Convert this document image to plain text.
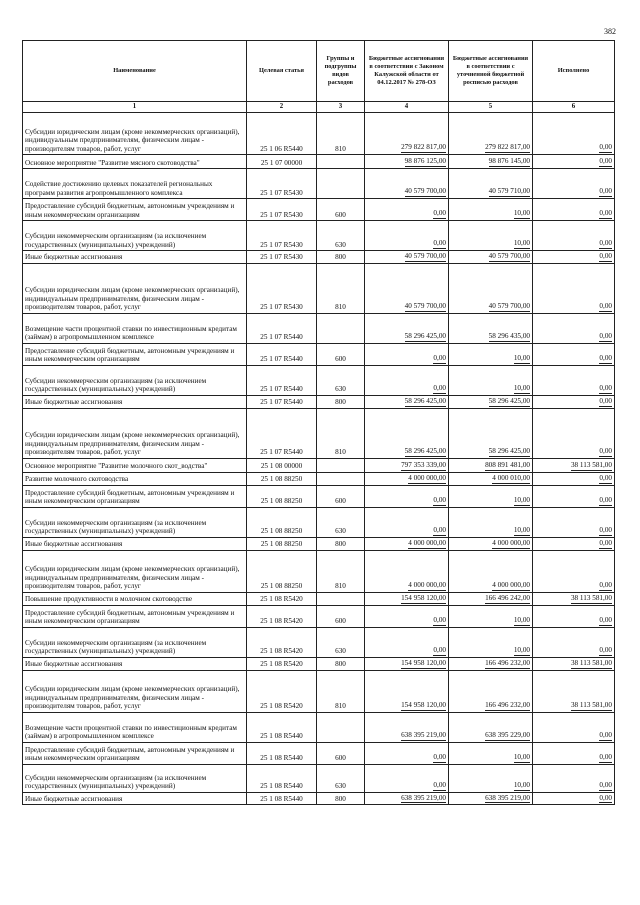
382
Наименование	Целевая статья	Группы и подгруппы видов расходов	Бюджетные ассигнования в соответствии с Законом Калужской области от 04.12.2017 № 278-ОЗ	Бюджетные ассигнования в соответствии с уточненной бюджетной росписью расходов	Исполнено
1	2	3	4	5	6
Субсидии юридическим лицам (кроме некоммерческих организаций), индивидуальным предпринимателям, физическим лицам - производителям товаров, работ, услуг	25 1 06 R5440	810	279 822 817,00	279 822 817,00	0,00
Основное мероприятие "Развитие мясного скотоводства"	25 1 07 00000		98 876 125,00	98 876 145,00	0,00
Содействие достижению целевых показателей региональных программ развития агропромышленного комплекса	25 1 07 R5430		40 579 700,00	40 579 710,00	0,00
Предоставление субсидий бюджетным, автономным учреждениям и иным некоммерческим организациям	25 1 07 R5430	600	0,00	10,00	0,00
Субсидии некоммерческим организациям (за исключением государственных (муниципальных) учреждений)	25 1 07 R5430	630	0,00	10,00	0,00
Иные бюджетные ассигнования	25 1 07 R5430	800	40 579 700,00	40 579 700,00	0,00
Субсидии юридическим лицам (кроме некоммерческих организаций), индивидуальным предпринимателям, физическим лицам - производителям товаров, работ, услуг	25 1 07 R5430	810	40 579 700,00	40 579 700,00	0,00
Возмещение части процентной ставки по инвестиционным кредитам (займам) в агропромышленном комплексе	25 1 07 R5440		58 296 425,00	58 296 435,00	0,00
Предоставление субсидий бюджетным, автономным учреждениям и иным некоммерческим организациям	25 1 07 R5440	600	0,00	10,00	0,00
Субсидии некоммерческим организациям (за исключением государственных (муниципальных) учреждений)	25 1 07 R5440	630	0,00	10,00	0,00
Иные бюджетные ассигнования	25 1 07 R5440	800	58 296 425,00	58 296 425,00	0,00
Субсидии юридическим лицам (кроме некоммерческих организаций), индивидуальным предпринимателям, физическим лицам - производителям товаров, работ, услуг	25 1 07 R5440	810	58 296 425,00	58 296 425,00	0,00
Основное мероприятие "Развитие молочного скот_водства"	25 1 08 00000		797 353 339,00	808 891 481,00	38 113 581,00
Развитие молочного скотоводства	25 1 08 88250		4 000 000,00	4 000 010,00	0,00
Предоставление субсидий бюджетным, автономным учреждениям и иным некоммерческим организациям	25 1 08 88250	600	0,00	10,00	0,00
Субсидии некоммерческим организациям (за исключением государственных (муниципальных) учреждений)	25 1 08 88250	630	0,00	10,00	0,00
Иные бюджетные ассигнования	25 1 08 88250	800	4 000 000,00	4 000 000,00	0,00
Субсидии юридическим лицам (кроме некоммерческих организаций), индивидуальным предпринимателям, физическим лицам - производителям товаров, работ, услуг	25 1 08 88250	810	4 000 000,00	4 000 000,00	0,00
Повышение продуктивности в молочном скотоводстве	25 1 08 R5420		154 958 120,00	166 496 242,00	38 113 581,00
Предоставление субсидий бюджетным, автономным учреждениям и иным некоммерческим организациям	25 1 08 R5420	600	0,00	10,00	0,00
Субсидии некоммерческим организациям (за исключением государственных (муниципальных) учреждений)	25 1 08 R5420	630	0,00	10,00	0,00
Иные бюджетные ассигнования	25 1 08 R5420	800	154 958 120,00	166 496 232,00	38 113 581,00
Субсидии юридическим лицам (кроме некоммерческих организаций), индивидуальным предпринимателям, физическим лицам - производителям товаров, работ, услуг	25 1 08 R5420	810	154 958 120,00	166 496 232,00	38 113 581,00
Возмещение части процентной ставки по инвестиционным кредитам (займам) в агропромышленном комплексе	25 1 08 R5440		638 395 219,00	638 395 229,00	0,00
Предоставление субсидий бюджетным, автономным учреждениям и иным некоммерческим организациям	25 1 08 R5440	600	0,00	10,00	0,00
Субсидии некоммерческим организациям (за исключением государственных (муниципальных) учреждений)	25 1 08 R5440	630	0,00	10,00	0,00
Иные бюджетные ассигнования	25 1 08 R5440	800	638 395 219,00	638 395 219,00	0,00
